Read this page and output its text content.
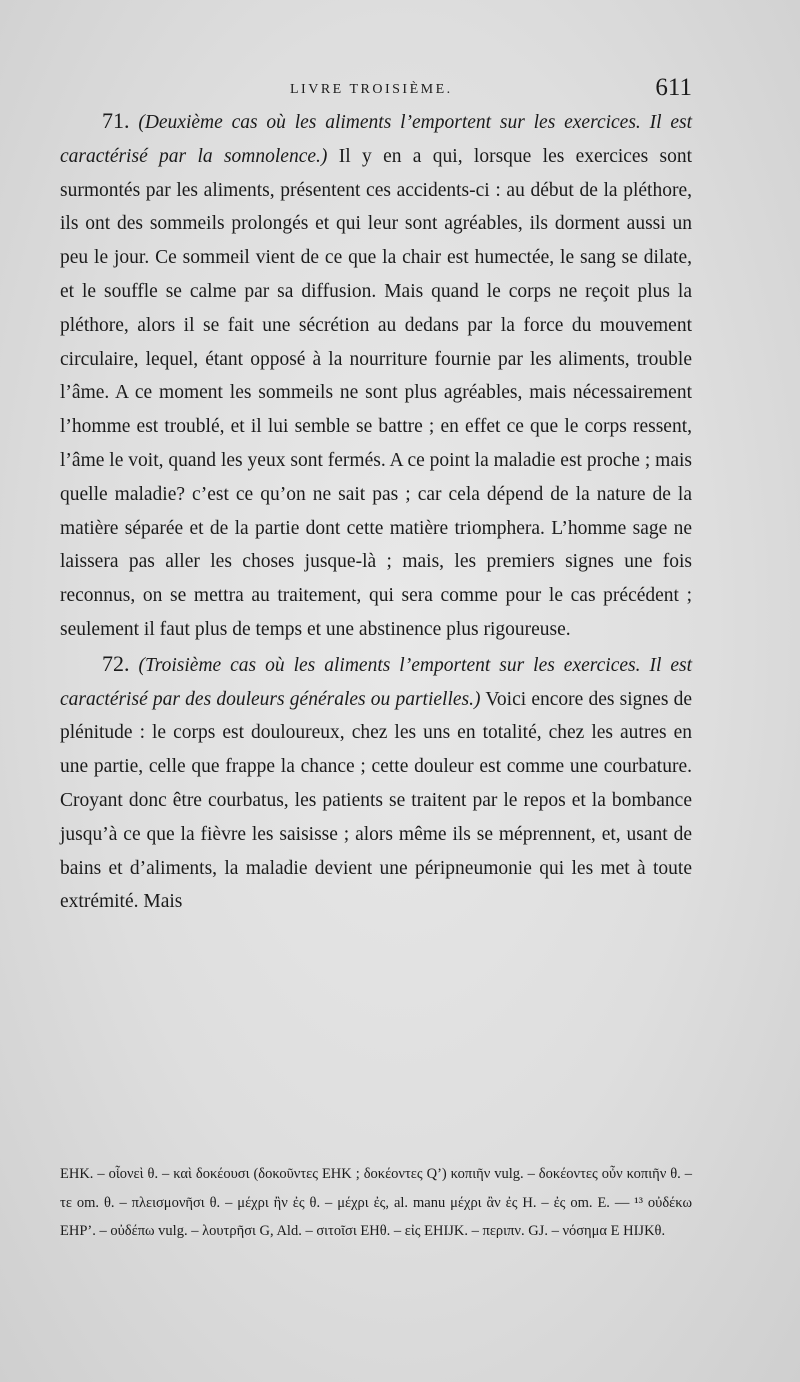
LIVRE TROISIÈME.	611

71. (Deuxième cas où les aliments l’emportent sur les exercices. Il est caractérisé par la somnolence.) Il y en a qui, lorsque les exercices sont surmontés par les aliments, présentent ces accidents-ci : au début de la pléthore, ils ont des sommeils prolongés et qui leur sont agréables, ils dorment aussi un peu le jour. Ce sommeil vient de ce que la chair est humectée, le sang se dilate, et le souffle se calme par sa diffusion. Mais quand le corps ne reçoit plus la pléthore, alors il se fait une sécrétion au dedans par la force du mouvement circulaire, lequel, étant opposé à la nourriture fournie par les aliments, trouble l’âme. A ce moment les sommeils ne sont plus agréables, mais nécessairement l’homme est troublé, et il lui semble se battre ; en effet ce que le corps ressent, l’âme le voit, quand les yeux sont fermés. A ce point la maladie est proche ; mais quelle maladie? c’est ce qu’on ne sait pas ; car cela dépend de la nature de la matière séparée et de la partie dont cette matière triomphera. L’homme sage ne laissera pas aller les choses jusque-là ; mais, les premiers signes une fois reconnus, on se mettra au traitement, qui sera comme pour le cas précédent ; seulement il faut plus de temps et une abstinence plus rigoureuse.

72. (Troisième cas où les aliments l’emportent sur les exercices. Il est caractérisé par des douleurs générales ou partielles.) Voici encore des signes de plénitude : le corps est douloureux, chez les uns en totalité, chez les autres en une partie, celle que frappe la chance ; cette douleur est comme une courbature. Croyant donc être courbatus, les patients se traitent par le repos et la bombance jusqu’à ce que la fièvre les saisisse ; alors même ils se méprennent, et, usant de bains et d’aliments, la maladie devient une péripneumonie qui les met à toute extrémité. Mais

EHK. – οἷονεὶ θ. – καὶ δοκέουσι (δοκοῦντες EHK ; δοκέοντες Q’) κοπιῆν vulg. – δοκέοντες οὖν κοπιῆν θ. – τε om. θ. – πλεισμονῆσι θ. – μέχρι ἢν ἐς θ. – μέχρι ἐς, al. manu μέχρι ἂν ἐς H. – ἐς om. E. — ¹³ οὐδέκω EHP’. – οὐδέπω vulg. – λουτρῆσι G, Ald. – σιτοῖσι EHθ. – εἰς EHIJK. – περιπν. GJ. – νόσημα E HIJKθ.
